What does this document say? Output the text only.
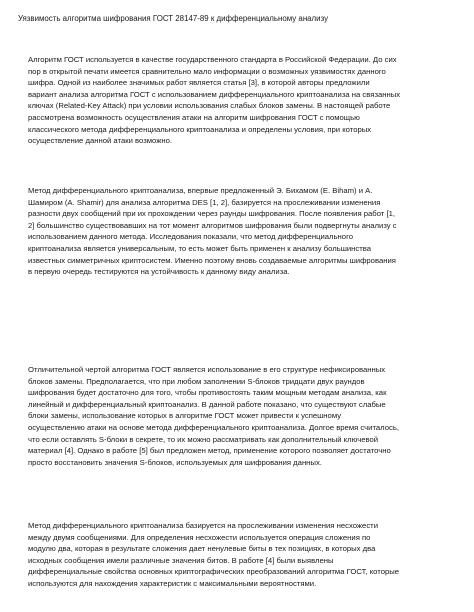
Уязвимость алгоритма шифрования ГОСТ 28147-89 к дифференциальному анализу
Алгоритм ГОСТ используется в качестве государственного стандарта в Российской Федерации. До сих
пор в открытой печати имеется сравнительно мало информации о возможных уязвимостях данного
шифра. Одной из наиболее значимых работ является статья [3], в которой авторы предложили
вариант анализа алгоритма ГОСТ с использованием дифференциального криптоанализа на связанных
ключах (Related-Key Attack) при условии использования слабых блоков замены. В настоящей работе
рассмотрена возможность осуществления атаки на алгоритм шифрования ГОСТ с помощью
классического метода дифференциального криптоанализа и определены условия, при которых
осуществление данной атаки возможно.
Метод дифференциального криптоанализа, впервые предложенный Э. Бихамом (E. Biham) и А.
Шамиром (A. Shamir) для анализа алгоритма DES [1, 2], базируется на прослеживании изменения
разности двух сообщений при их прохождении через раунды шифрования. После появления работ [1,
2] большинство существовавших на тот момент алгоритмов шифрования были подвергнуты анализу с
использованием данного метода. Исследования показали, что метод дифференциального
криптоанализа является универсальным, то есть может быть применен к анализу большинства
известных симметричных криптосистем. Именно поэтому вновь создаваемые алгоритмы шифрования
в первую очередь тестируются на устойчивость к данному виду анализа.
Отличительной чертой алгоритма ГОСТ является использование в его структуре нефиксированных
блоков замены. Предполагается, что при любом заполнении S-блоков тридцати двух раундов
шифрования будет достаточно для того, чтобы противостоять таким мощным методам анализа, как
линейный и дифференциальный криптоанализ. В данной работе показано, что существуют слабые
блоки замены, использование которых в алгоритме ГОСТ может привести к успешному
осуществлению атаки на основе метода дифференциального криптоанализа. Долгое время считалось,
что если оставлять S-блоки в секрете, то их можно рассматривать как дополнительный ключевой
материал [4]. Однако в работе [5] был предложен метод, применение которого позволяет достаточно
просто восстановить значения S-блоков, используемых для шифрования данных.
Метод дифференциального криптоанализа базируется на прослеживании изменения несхожести
между двумя сообщениями. Для определения несхожести используется операция сложения по
модулю два, которая в результате сложения дает ненулевые биты в тех позициях, в которых два
исходных сообщения имели различные значения битов. В работе [4] были выявлены
дифференциальные свойства основных криптографических преобразований алгоритма ГОСТ, которые
используются для нахождения характеристик с максимальными вероятностями.
